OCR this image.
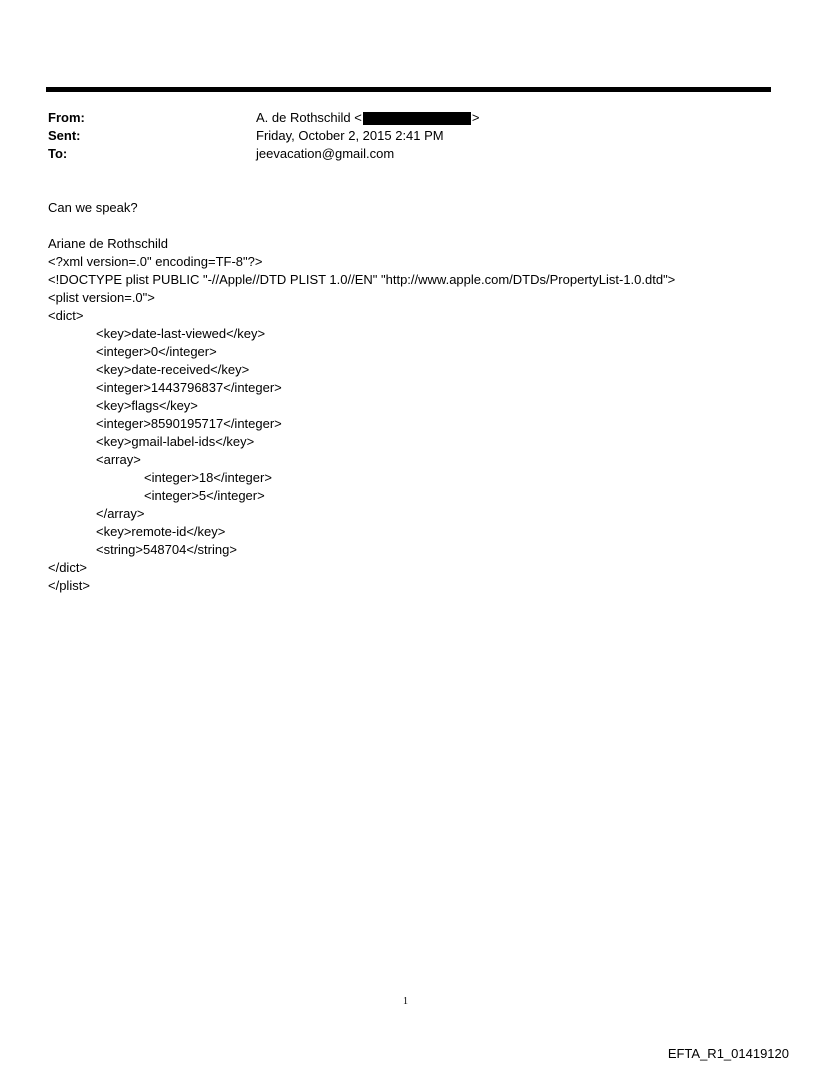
From:	A. de Rothschild <	>
Sent:	Friday, October 2, 2015 2:41 PM
To:	jeevacation@gmail.com
Can we speak?
Ariane de Rothschild
<?xml version=.0" encoding=TF-8"?>
<!DOCTYPE plist PUBLIC "-//Apple//DTD PLIST 1.0//EN" "http://www.apple.com/DTDs/PropertyList-1.0.dtd">
<plist version=.0">
<dict>
<key>date-last-viewed</key>
<integer>0</integer>
<key>date-received</key>
<integer>1443796837</integer>
<key>flags</key>
<integer>8590195717</integer>
<key>gmail-label-ids</key>
<array>
<integer>18</integer>
<integer>5</integer>
</array>
<key>remote-id</key>
<string>548704</string>
</dict>
</plist>
1
EFTA_R1_01419120
